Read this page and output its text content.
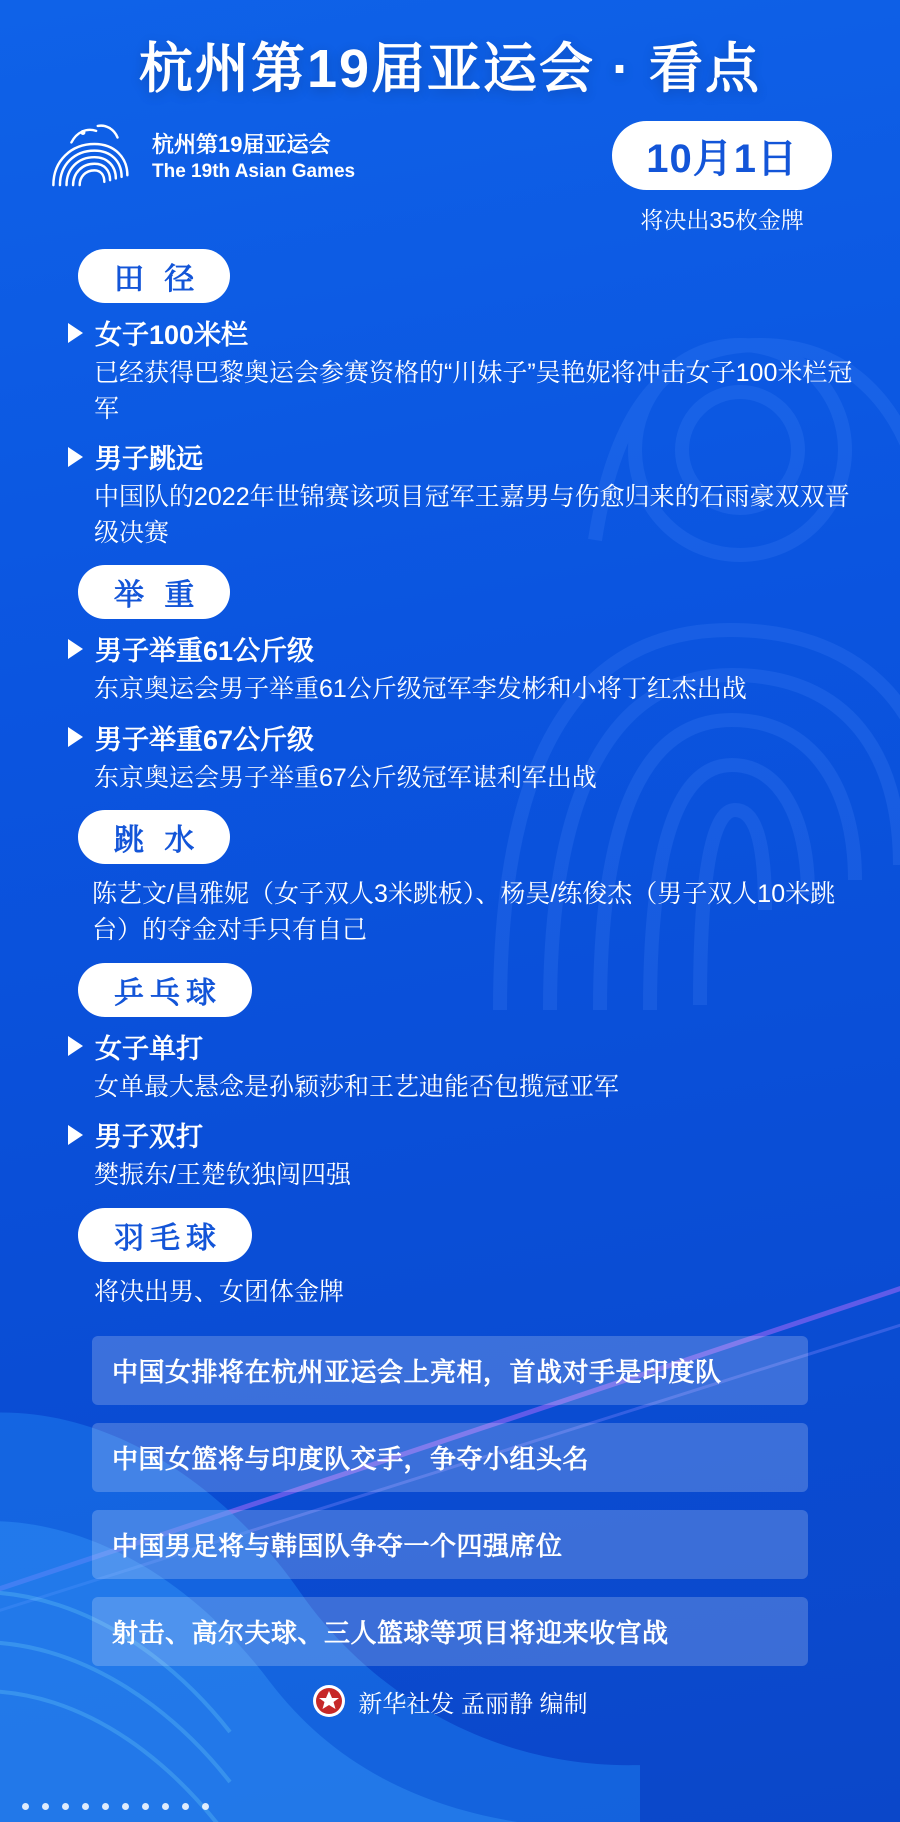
杭州第19届亚运会 · 看点
杭州第19届亚运会
The 19th Asian Games	10月1日
将决出35枚金牌
田 径
女子100米栏
已经获得巴黎奥运会参赛资格的“川妹子”吴艳妮将冲击女子100米栏冠军
男子跳远
中国队的2022年世锦赛该项目冠军王嘉男与伤愈归来的石雨豪双双晋级决赛
举 重
男子举重61公斤级
东京奥运会男子举重61公斤级冠军李发彬和小将丁红杰出战
男子举重67公斤级
东京奥运会男子举重67公斤级冠军谌利军出战
跳 水
陈艺文/昌雅妮（女子双人3米跳板）、杨昊/练俊杰（男子双人10米跳台）的夺金对手只有自己
乒乓球
女子单打
女单最大悬念是孙颖莎和王艺迪能否包揽冠亚军
男子双打
樊振东/王楚钦独闯四强
羽毛球
将决出男、女团体金牌
中国女排将在杭州亚运会上亮相，首战对手是印度队
中国女篮将与印度队交手，争夺小组头名
中国男足将与韩国队争夺一个四强席位
射击、高尔夫球、三人篮球等项目将迎来收官战
新华社发 孟丽静 编制
